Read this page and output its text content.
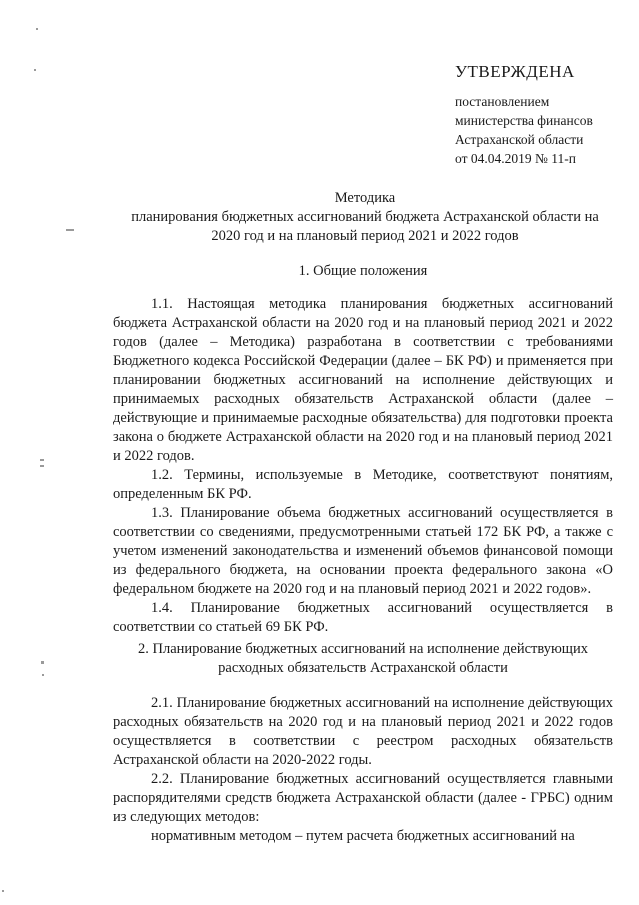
УТВЕРЖДЕНА
постановлением
министерства финансов
Астраханской области
от 04.04.2019 № 11-п
Методика
планирования бюджетных ассигнований бюджета Астраханской области на
2020 год и на плановый период 2021 и 2022 годов
1. Общие положения

1.1. Настоящая методика планирования бюджетных ассигнований бюджета Астраханской области на 2020 год и на плановый период 2021 и 2022 годов (далее – Методика) разработана в соответствии с требованиями Бюджетного кодекса Российской Федерации (далее – БК РФ) и применяется при планировании бюджетных ассигнований на исполнение действующих и принимаемых расходных обязательств Астраханской области (далее – действующие и принимаемые расходные обязательства) для подготовки проекта закона о бюджете Астраханской области на 2020 год и на плановый период 2021 и 2022 годов.

1.2. Термины, используемые в Методике, соответствуют понятиям, определенным БК РФ.

1.3. Планирование объема бюджетных ассигнований осуществляется в соответствии со сведениями, предусмотренными статьей 172 БК РФ, а также с учетом изменений законодательства и изменений объемов финансовой помощи из федерального бюджета, на основании проекта федерального закона «О федеральном бюджете на 2020 год и на плановый период 2021 и 2022 годов».

1.4. Планирование бюджетных ассигнований осуществляется в соответствии со статьей 69 БК РФ.

2. Планирование бюджетных ассигнований на исполнение действующих
расходных обязательств Астраханской области

2.1. Планирование бюджетных ассигнований на исполнение действующих расходных обязательств на 2020 год и на плановый период 2021 и 2022 годов осуществляется в соответствии с реестром расходных обязательств Астраханской области на 2020-2022 годы.

2.2. Планирование бюджетных ассигнований осуществляется главными распорядителями средств бюджета Астраханской области (далее - ГРБС) одним из следующих методов:

нормативным методом – путем расчета бюджетных ассигнований на
